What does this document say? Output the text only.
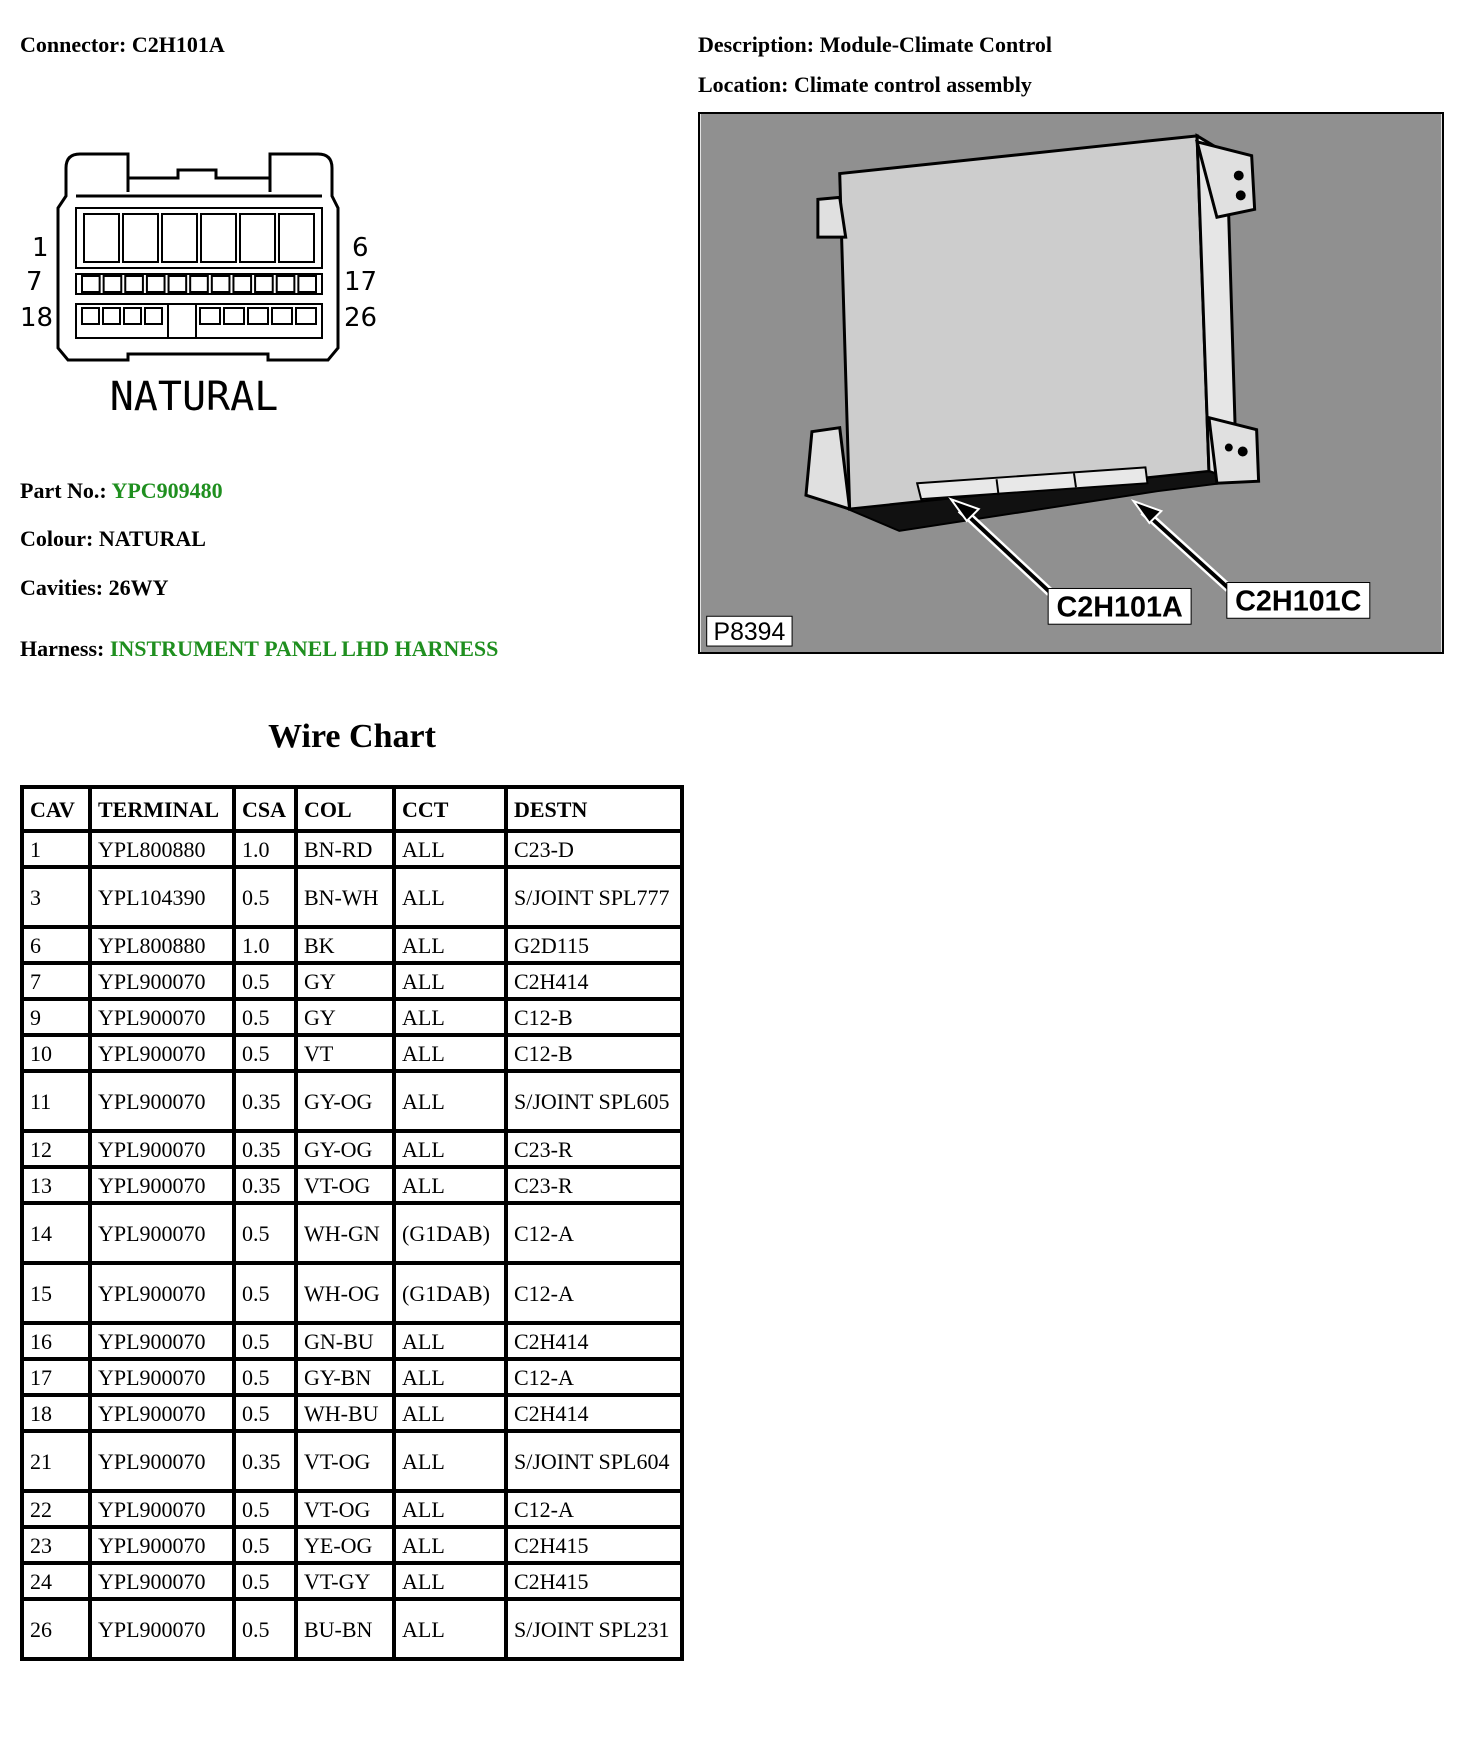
Connector: C2H101A	Description: Module-Climate Control
Location: Climate control assembly
1
7
18
6
17
26
NATURAL
Part No.: YPC909480
Colour: NATURAL
Cavities: 26WY
Harness: INSTRUMENT PANEL LHD HARNESS
C2H101A C2H101C
P8394
Wire Chart
CAV	TERMINAL	CSA	COL	CCT	DESTN
1	YPL800880	1.0	BN-RD	ALL	C23-D
3	YPL104390	0.5	BN-WH	ALL	S/JOINT SPL777
6	YPL800880	1.0	BK	ALL	G2D115
7	YPL900070	0.5	GY	ALL	C2H414
9	YPL900070	0.5	GY	ALL	C12-B
10	YPL900070	0.5	VT	ALL	C12-B
11	YPL900070	0.35	GY-OG	ALL	S/JOINT SPL605
12	YPL900070	0.35	GY-OG	ALL	C23-R
13	YPL900070	0.35	VT-OG	ALL	C23-R
14	YPL900070	0.5	WH-GN	(G1DAB)	C12-A
15	YPL900070	0.5	WH-OG	(G1DAB)	C12-A
16	YPL900070	0.5	GN-BU	ALL	C2H414
17	YPL900070	0.5	GY-BN	ALL	C12-A
18	YPL900070	0.5	WH-BU	ALL	C2H414
21	YPL900070	0.35	VT-OG	ALL	S/JOINT SPL604
22	YPL900070	0.5	VT-OG	ALL	C12-A
23	YPL900070	0.5	YE-OG	ALL	C2H415
24	YPL900070	0.5	VT-GY	ALL	C2H415
26	YPL900070	0.5	BU-BN	ALL	S/JOINT SPL231
